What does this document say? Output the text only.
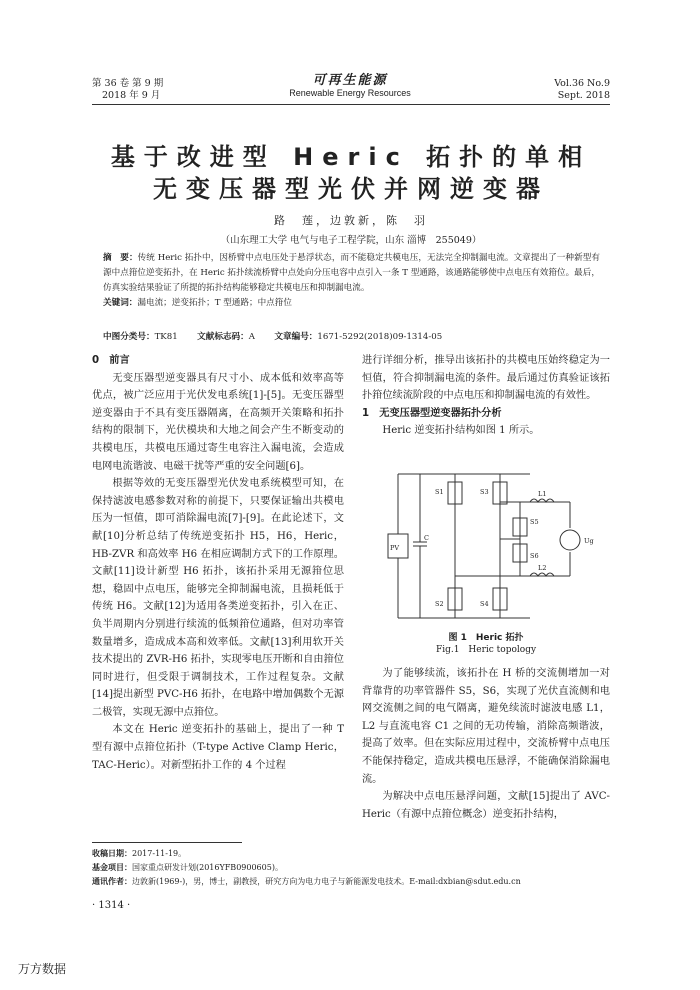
第 36 卷 第 9 期
2018 年 9 月
可再生能源
Renewable Energy Resources
Vol.36 No.9
Sept. 2018
基于改进型 Heric 拓扑的单相
无变压器型光伏并网逆变器
路　莲，边敦新，陈　羽
（山东理工大学 电气与电子工程学院，山东 淄博　255049）
摘　要：传统 Heric 拓扑中，因桥臂中点电压处于悬浮状态，而不能稳定共模电压，无法完全抑制漏电流。文章提出了一种新型有源中点箝位逆变拓扑，在 Heric 拓扑续流桥臂中点处向分压电容中点引入一条 T 型通路，该通路能够使中点电压有效箝位。最后，仿真实验结果验证了所提的拓扑结构能够稳定共模电压和抑制漏电流。
关键词：漏电流；逆变拓扑；T 型通路；中点箝位
中图分类号：TK81 文献标志码：A 文章编号：1671-5292(2018)09-1314-05
0　前言

无变压器型逆变器具有尺寸小、成本低和效率高等优点，被广泛应用于光伏发电系统[1]-[5]。无变压器型逆变器由于不具有变压器隔离，在高频开关策略和拓扑结构的限制下，光伏模块和大地之间会产生不断变动的共模电压，共模电压通过寄生电容注入漏电流，会造成电网电流谐波、电磁干扰等严重的安全问题[6]。

根据等效的无变压器型光伏发电系统模型可知，在保持滤波电感参数对称的前提下，只要保证输出共模电压为一恒值，即可消除漏电流[7]-[9]。在此论述下，文献[10]分析总结了传统逆变拓扑 H5，H6，Heric，HB-ZVR 和高效率 H6 在相应调制方式下的工作原理。文献[11]设计新型 H6 拓扑，该拓扑采用无源箝位思想，稳固中点电压，能够完全抑制漏电流，且损耗低于传统 H6。文献[12]为适用各类逆变拓扑，引入在正、负半周期内分别进行续流的低频箝位通路，但对功率管数量增多，造成成本高和效率低。文献[13]利用软开关技术提出的 ZVR-H6 拓扑，实现零电压开断和自由箝位同时进行，但受限于调制技术，工作过程复杂。文献[14]提出新型 PVC-H6 拓扑，在电路中增加偶数个无源二极管，实现无源中点箝位。

本文在 Heric 逆变拓扑的基础上，提出了一种 T 型有源中点箝位拓扑（T-type Active Clamp Heric，TAC-Heric）。对新型拓扑工作的 4 个过程

进行详细分析，推导出该拓扑的共模电压始终稳定为一恒值，符合抑制漏电流的条件。最后通过仿真验证该拓扑箝位续流阶段的中点电压和抑制漏电流的有效性。

1　无变压器型逆变器拓扑分析

Heric 逆变拓扑结构如图 1 所示。

PV
C
S1	S3
S2	S4
S5
S6
L1
L2
Ug
图 1　Heric 拓扑
Fig.1　Heric topology

为了能够续流，该拓扑在 H 桥的交流侧增加一对背靠背的功率管器件 S5，S6，实现了光伏直流侧和电网交流侧之间的电气隔离，避免续流时滤波电感 L1，L2 与直流电容 C1 之间的无功传输，消除高频谐波，提高了效率。但在实际应用过程中，交流桥臂中点电压不能保持稳定，造成共模电压悬浮，不能确保消除漏电流。

为解决中点电压悬浮问题，文献[15]提出了 AVC-Heric（有源中点箝位概念）逆变拓扑结构，

收稿日期：2017-11-19。
基金项目：国家重点研发计划(2016YFB0900605)。
通讯作者：边敦新(1969-)，男，博士，副教授，研究方向为电力电子与新能源发电技术。E-mail:dxbian@sdut.edu.cn
· 1314 ·
万方数据
